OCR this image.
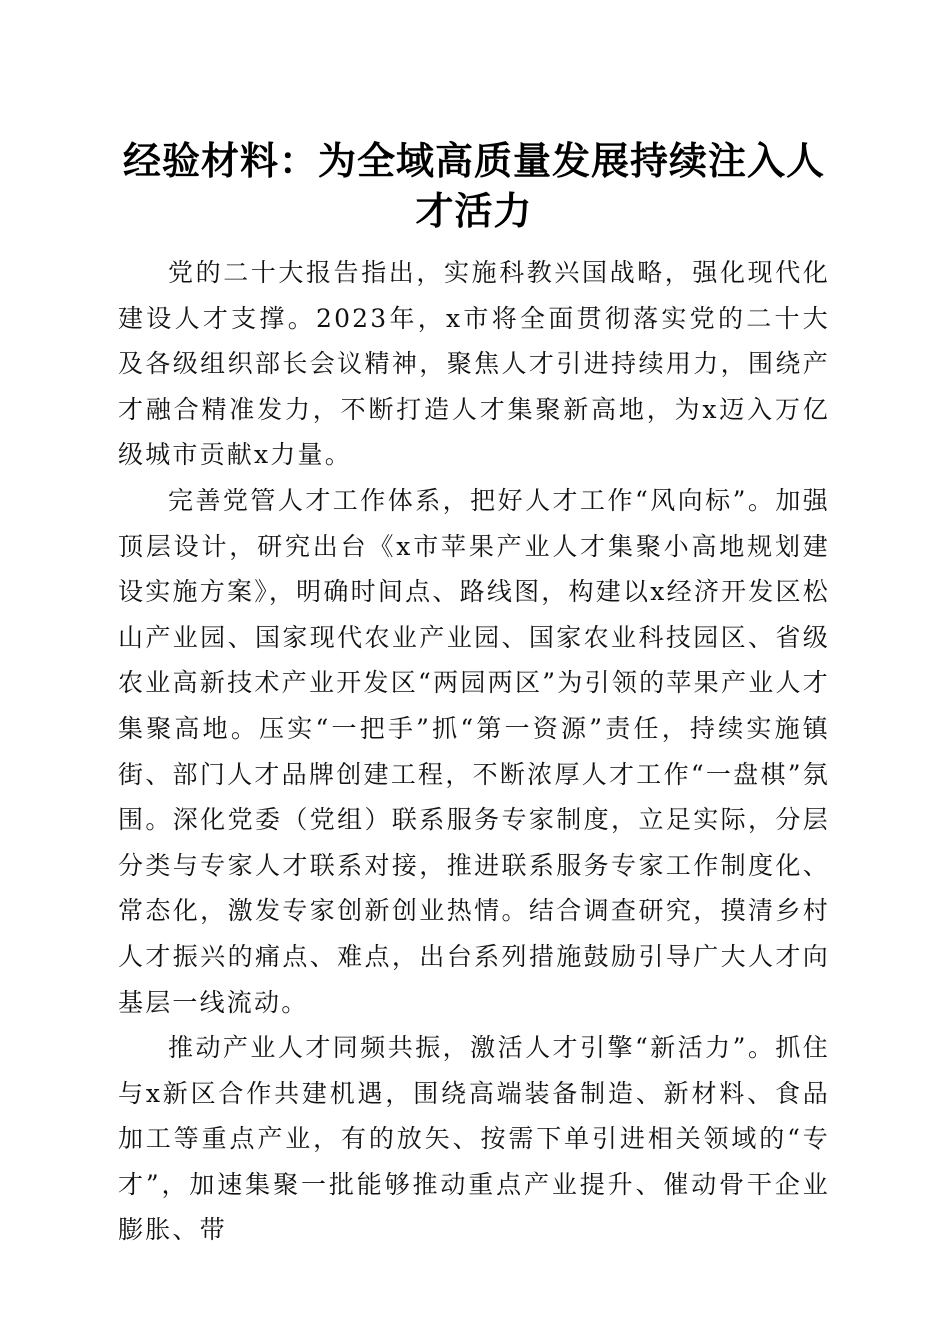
经验材料：为全域高质量发展持续注入人才活力

党的二十大报告指出，实施科教兴国战略，强化现代化建设人才支撑。2023年，x市将全面贯彻落实党的二十大及各级组织部长会议精神，聚焦人才引进持续用力，围绕产才融合精准发力，不断打造人才集聚新高地，为x迈入万亿级城市贡献x力量。

完善党管人才工作体系，把好人才工作“风向标”。加强顶层设计，研究出台《x市苹果产业人才集聚小高地规划建设实施方案》，明确时间点、路线图，构建以x经济开发区松山产业园、国家现代农业产业园、国家农业科技园区、省级农业高新技术产业开发区“两园两区”为引领的苹果产业人才集聚高地。压实“一把手”抓“第一资源”责任，持续实施镇街、部门人才品牌创建工程，不断浓厚人才工作“一盘棋”氛围。深化党委（党组）联系服务专家制度，立足实际，分层分类与专家人才联系对接，推进联系服务专家工作制度化、常态化，激发专家创新创业热情。结合调查研究，摸清乡村人才振兴的痛点、难点，出台系列措施鼓励引导广大人才向基层一线流动。

推动产业人才同频共振，激活人才引擎“新活力”。抓住与x新区合作共建机遇，围绕高端装备制造、新材料、食品加工等重点产业，有的放矢、按需下单引进相关领域的“专才”，加速集聚一批能够推动重点产业提升、催动骨干企业膨胀、带
